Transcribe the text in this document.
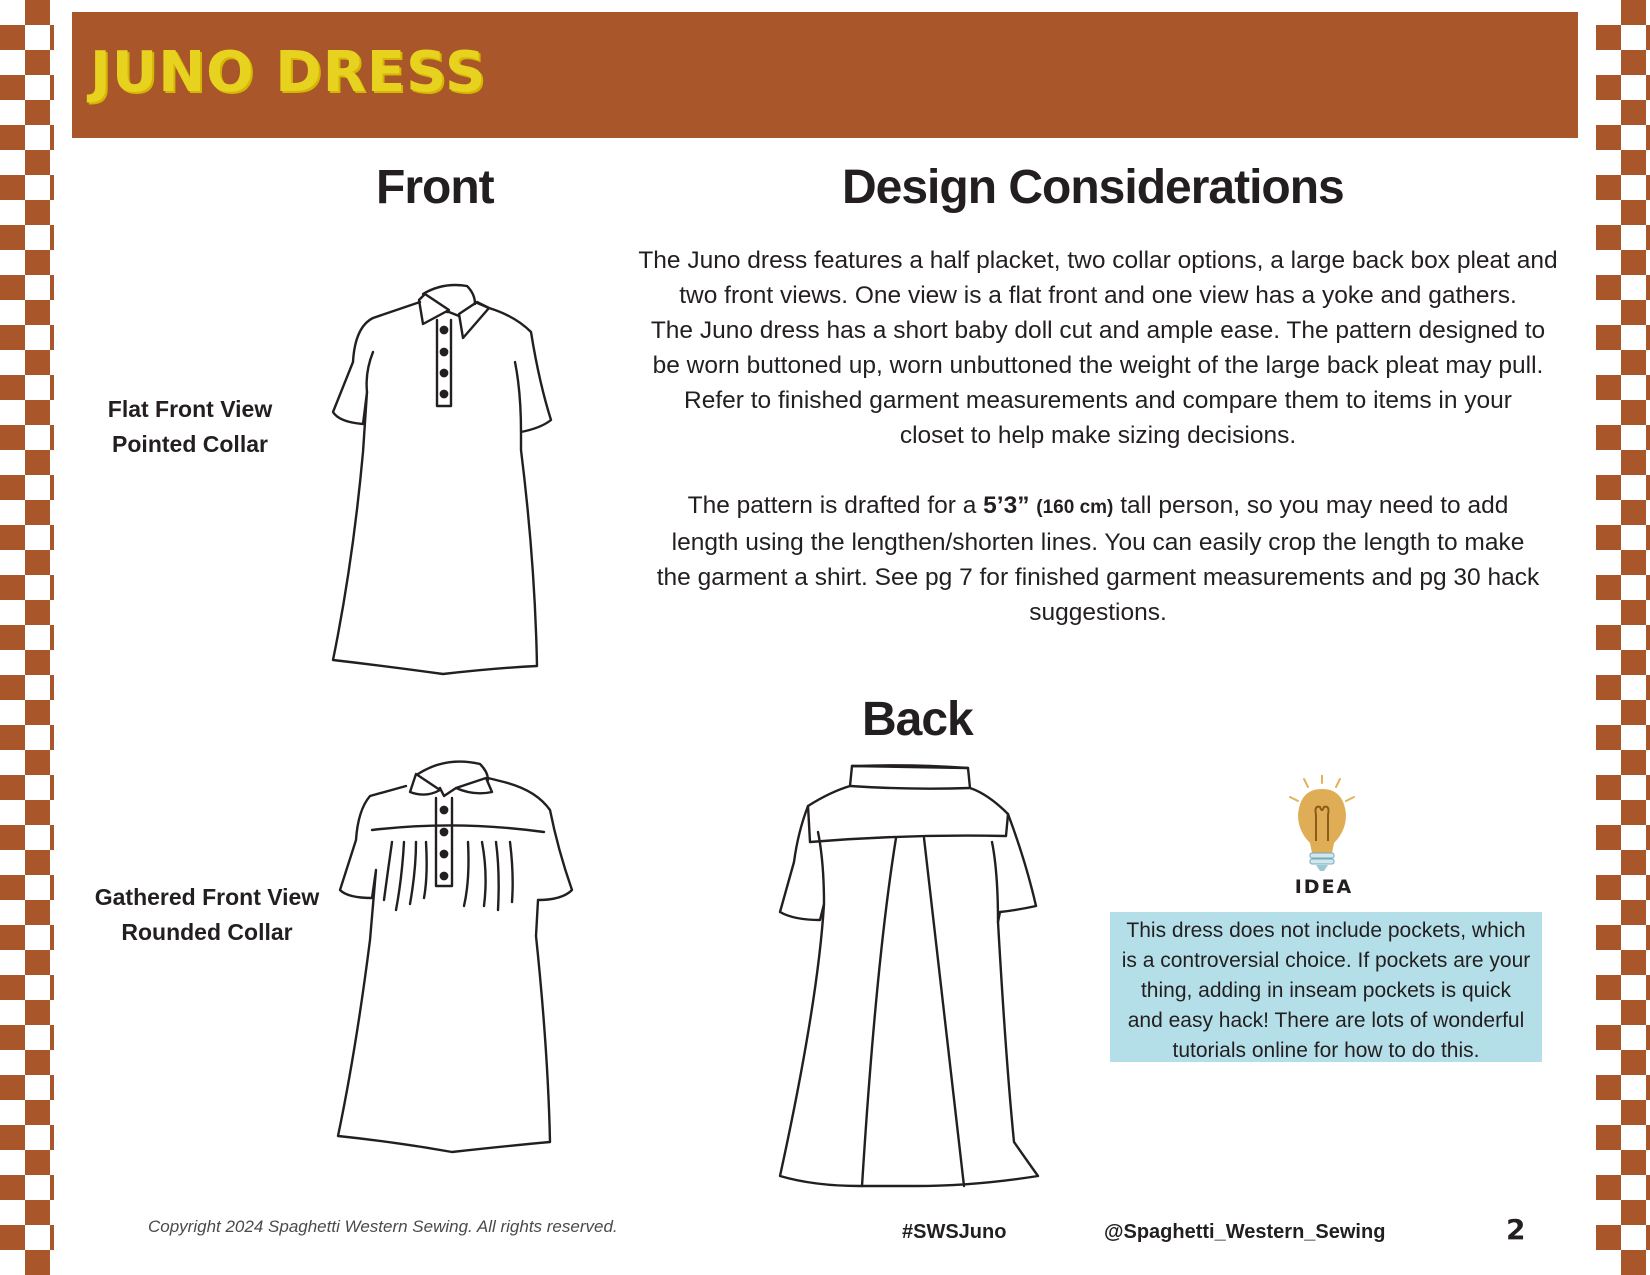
JUNO DRESS
Front	Design Considerations
Back

The Juno dress features a half placket, two collar options, a large back box pleat and
two front views. One view is a flat front and one view has a yoke and gathers.
The Juno dress has a short baby doll cut and ample ease. The pattern designed to
be worn buttoned up, worn unbuttoned the weight of the large back pleat may pull.
Refer to finished garment measurements and compare them to items in your
closet to help make sizing decisions.

The pattern is drafted for a 5’3” (160 cm) tall person, so you may need to add
length using the lengthen/shorten lines. You can easily crop the length to make
the garment a shirt. See pg 7 for finished garment measurements and pg 30 hack
suggestions.

Flat Front View
Pointed Collar
Gathered Front View
Rounded Collar
IDEA

This dress does not include pockets, which
is a controversial choice. If pockets are your
thing, adding in inseam pockets is quick
and easy hack! There are lots of wonderful
tutorials online for how to do this.

Copyright 2024 Spaghetti Western Sewing. All rights reserved.	#SWSJuno	@Spaghetti_Western_Sewing	2
